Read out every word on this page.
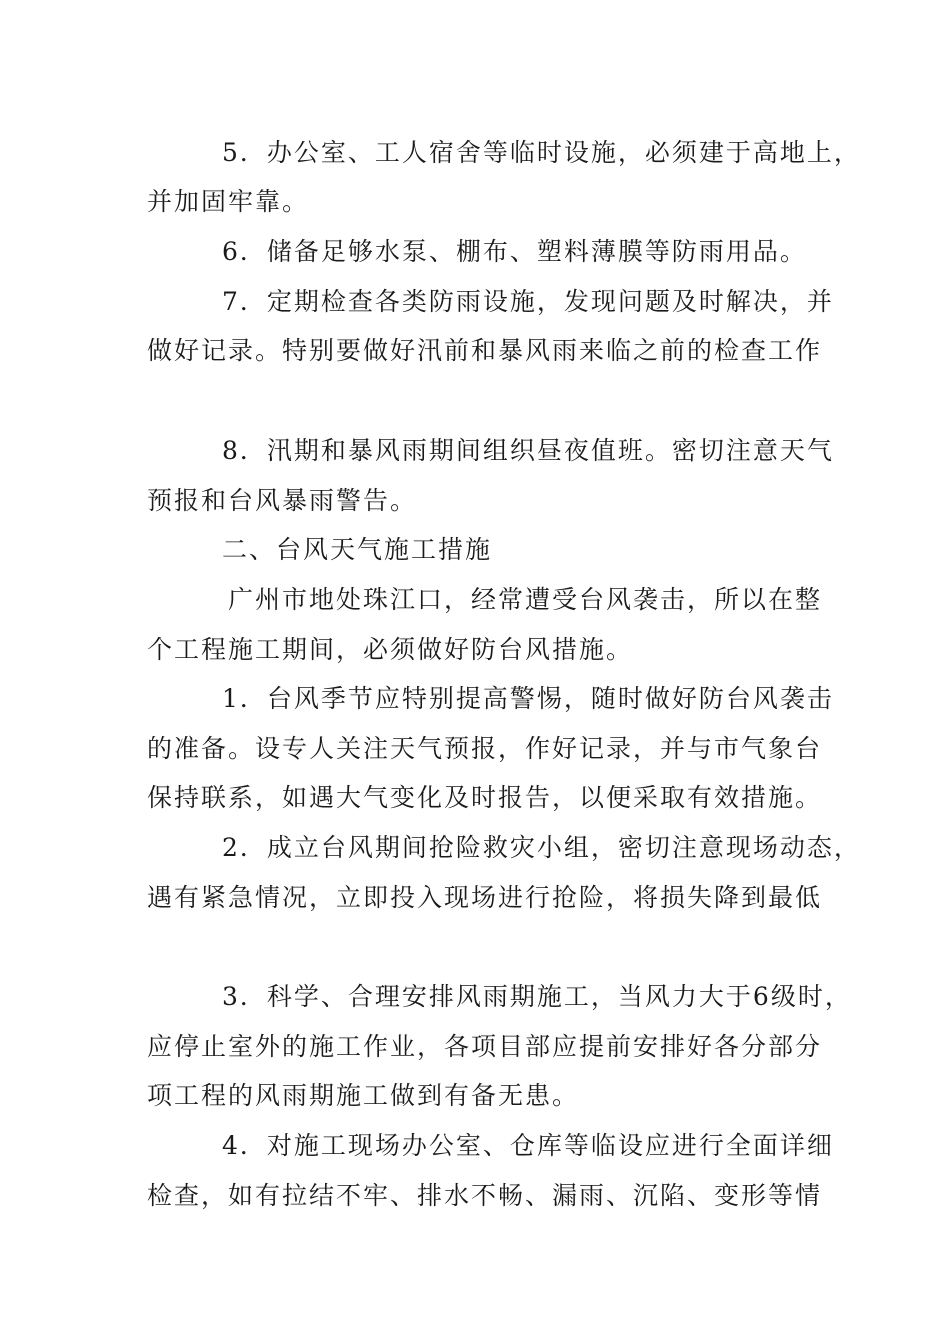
5．办公室、工人宿舍等临时设施，必须建于高地上，
并加固牢靠。
6．储备足够水泵、棚布、塑料薄膜等防雨用品。
7．定期检查各类防雨设施，发现问题及时解决，并
做好记录。特别要做好汛前和暴风雨来临之前的检查工作
8．汛期和暴风雨期间组织昼夜值班。密切注意天气
预报和台风暴雨警告。
二、台风天气施工措施
广州市地处珠江口，经常遭受台风袭击，所以在整
个工程施工期间，必须做好防台风措施。
1．台风季节应特别提高警惕，随时做好防台风袭击
的准备。设专人关注天气预报，作好记录，并与市气象台
保持联系，如遇大气变化及时报告，以便采取有效措施。
2．成立台风期间抢险救灾小组，密切注意现场动态，
遇有紧急情况，立即投入现场进行抢险，将损失降到最低
3．科学、合理安排风雨期施工，当风力大于6级时，
应停止室外的施工作业，各项目部应提前安排好各分部分
项工程的风雨期施工做到有备无患。
4．对施工现场办公室、仓库等临设应进行全面详细
检查，如有拉结不牢、排水不畅、漏雨、沉陷、变形等情
